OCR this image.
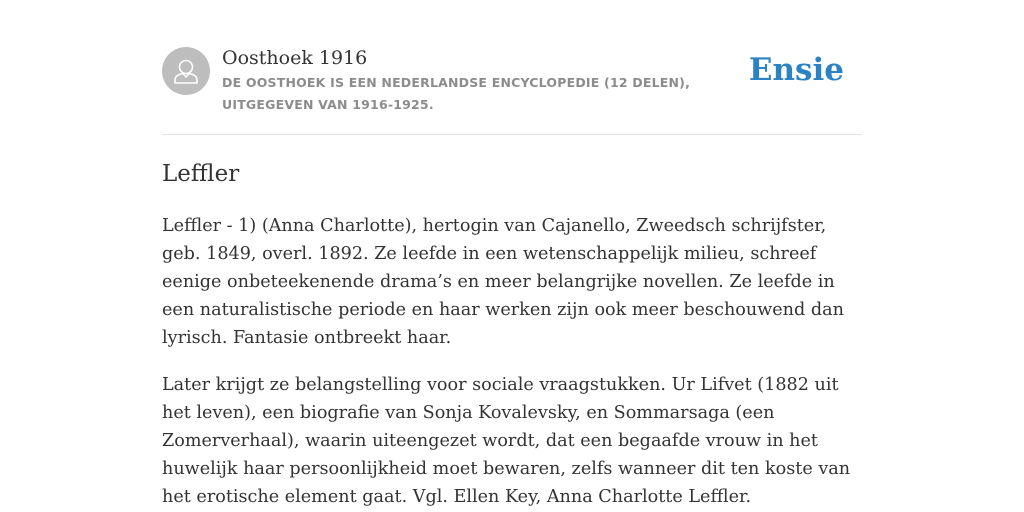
Oosthoek 1916

DE OOSTHOEK IS EEN NEDERLANDSE ENCYCLOPEDIE (12 DELEN), UITGEGEVEN VAN 1916-1925.

Ensie
Leffler

Leffler - 1) (Anna Charlotte), hertogin van Cajanello, Zweedsch schrijfster, geb. 1849, overl. 1892. Ze leefde in een wetenschappelijk milieu, schreef eenige onbeteekenende drama’s en meer belangrijke novellen. Ze leefde in een naturalistische periode en haar werken zijn ook meer beschouwend dan lyrisch. Fantasie ontbreekt haar.

Later krijgt ze belangstelling voor sociale vraagstukken. Ur Lifvet (1882 uit het leven), een biografie van Sonja Kovalevsky, en Sommarsaga (een Zomerverhaal), waarin uiteengezet wordt, dat een begaafde vrouw in het huwelijk haar persoonlijkheid moet bewaren, zelfs wanneer dit ten koste van het erotische element gaat. Vgl. Ellen Key, Anna Charlotte Leffler.
